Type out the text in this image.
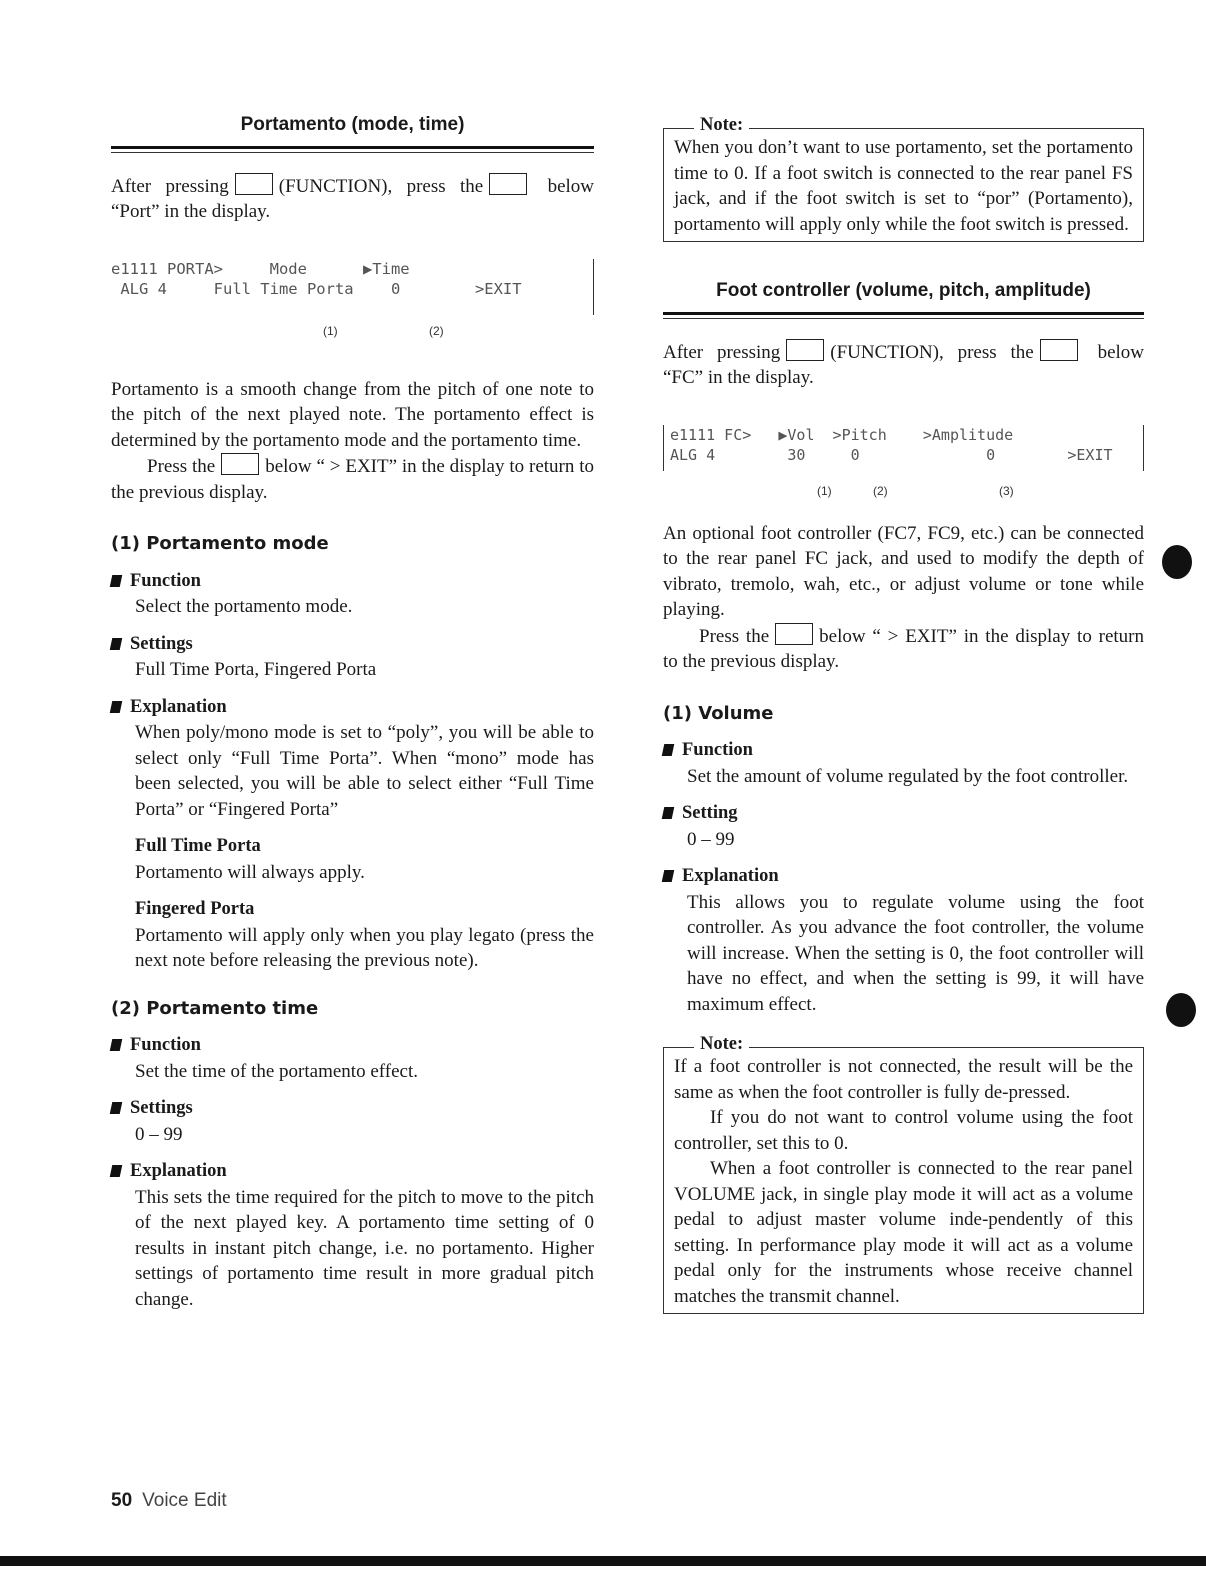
Portamento (mode, time)

After pressing	(FUNCTION), press the	below “Port” in the display.

e1111 PORTA>     Mode      ▶Time
ALG 4     Full Time Porta    0        >EXIT
(1)	(2)

Portamento is a smooth change from the pitch of one note to the pitch of the next played note. The portamento effect is determined by the portamento mode and the portamento time.

Press the	below “ > EXIT” in the display to return to the previous display.

(1) Portamento mode
Function
Select the portamento mode.
Settings
Full Time Porta, Fingered Porta
Explanation
When poly/mono mode is set to “poly”, you will be able to select only “Full Time Porta”. When “mono” mode has been selected, you will be able to select either “Full Time Porta” or “Fingered Porta”
Full Time Porta
Portamento will always apply.
Fingered Porta
Portamento will apply only when you play legato (press the next note before releasing the previous note).
(2) Portamento time
Function
Set the time of the portamento effect.
Settings
0 – 99
Explanation
This sets the time required for the pitch to move to the pitch of the next played key. A portamento time setting of 0 results in instant pitch change, i.e. no portamento. Higher settings of portamento time result in more gradual pitch change.
Note:

When you don’t want to use portamento, set the portamento time to 0. If a foot switch is connected to the rear panel FS jack, and if the foot switch is set to “por” (Portamento), portamento will apply only while the foot switch is pressed.

Foot controller (volume, pitch, amplitude)

After pressing	(FUNCTION), press the	below “FC” in the display.

e1111 FC>   ▶Vol  >Pitch    >Amplitude
ALG 4        30     0              0        >EXIT
(1)	(2)	(3)

An optional foot controller (FC7, FC9, etc.) can be connected to the rear panel FC jack, and used to modify the depth of vibrato, tremolo, wah, etc., or adjust volume or tone while playing.

Press the	below “ > EXIT” in the display to return to the previous display.

(1) Volume
Function
Set the amount of volume regulated by the foot controller.
Setting
0 – 99
Explanation
This allows you to regulate volume using the foot controller. As you advance the foot controller, the volume will increase. When the setting is 0, the foot controller will have no effect, and when the setting is 99, it will have maximum effect.
Note:

If a foot controller is not connected, the result will be the same as when the foot controller is fully de-pressed.

If you do not want to control volume using the foot controller, set this to 0.

When a foot controller is connected to the rear panel VOLUME jack, in single play mode it will act as a volume pedal to adjust master volume inde-pendently of this setting. In performance play mode it will act as a volume pedal only for the instruments whose receive channel matches the transmit channel.

50 Voice Edit
